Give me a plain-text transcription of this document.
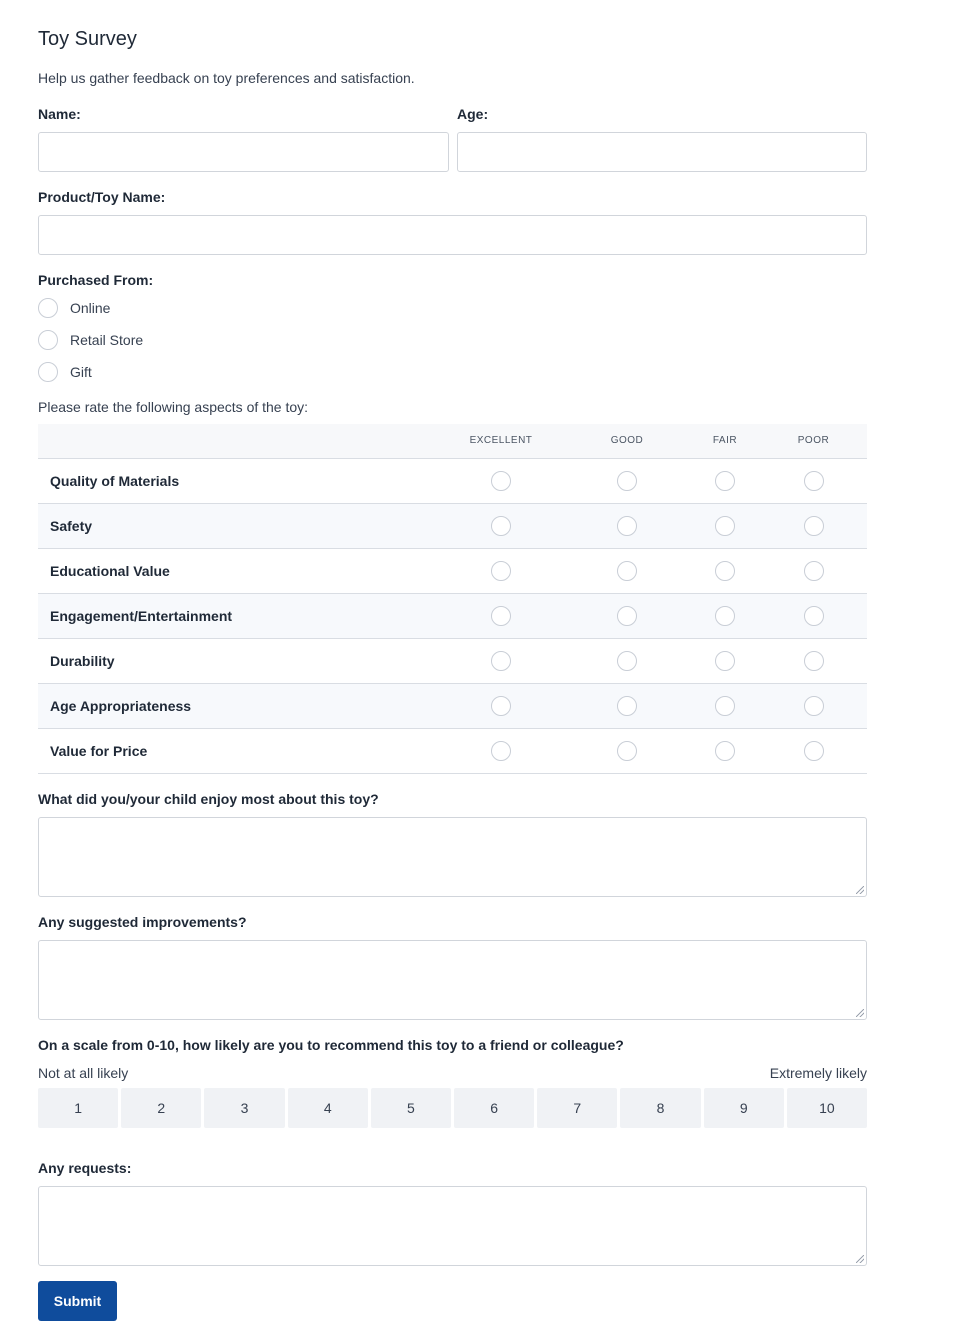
Toy Survey
Help us gather feedback on toy preferences and satisfaction.
Name:	Age:
Product/Toy Name:
Purchased From:
Online
Retail Store
Gift
Please rate the following aspects of the toy:
	EXCELLENT	GOOD	FAIR	POOR
Quality of Materials				
Safety				
Educational Value				
Engagement/Entertainment				
Durability				
Age Appropriateness				
Value for Price				
What did you/your child enjoy most about this toy?
Any suggested improvements?
On a scale from 0-10, how likely are you to recommend this toy to a friend or colleague?
Not at all likely	Extremely likely
1	2	3	4	5	6	7	8	9	10
Any requests:
Submit
